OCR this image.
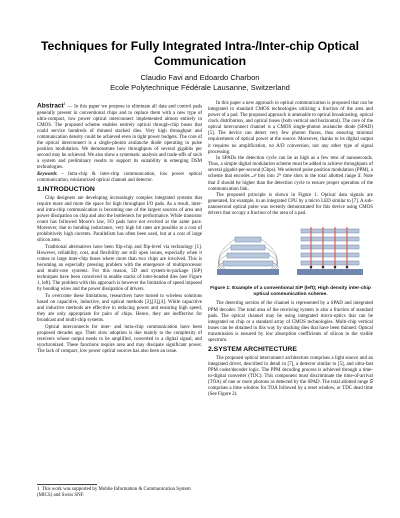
Techniques for Fully Integrated Intra-/Inter-chip Optical Communication
Claudio Favi and Edoardo Charbon
Ecole Polytechnique Fédérale Lausanne, Switzerland

Abstract$^1$ — In this paper we propose to eliminate all data and control pads generally present in conventional chips and to replace them with a new type of ultra-compact, low power optical interconnect implemented almost entirely in CMOS. The proposed scheme enables entirely optical through-chip buses that could service hundreds of thinned stacked dies. Very high throughput and communication density could be achieved even in tight power budgets. The core of the optical interconnect is a single-photon avalanche diode operating in pulse position modulation. We demonstrate how throughputs of several gigabits per second may be achieved. We also show a systematic analysis and trade-offs of such a system and preliminary results to support its suitability in emerging DSM technologies.

Keywords – Intra-chip & inter-chip communication, low power optical communication, miniaturized optical channel and detector.

1.INTRODUCTION

Chip designers are developing increasingly complex integrated systems that require more and more die space for high throughput I/O pads. As a result, inter- and intra-chip communication is becoming one of the largest sources of area and power dissipation on chip and also the bottleneck for performance. While transistor count has followed Moore's law, I/O pads have not evolved at the same pace. Moreover, due to bonding inductance, very high bit rates are possible at a cost of prohibitively high currents. Parallelism has often been used, but at a cost of large silicon area.

Traditional alternatives have been flip-chip and flip-level via technology [1]. However, reliability, cost, and flexibility are still open issues, especially when it comes to large inter-chip buses where more than two chips are involved. This is becoming an especially pressing problem with the emergence of multiprocessor and multi-core systems. For this reason, 3D and system-in-package (SiP) techniques have been conceived to enable stacks of inter-bonded dies (see Figure 1, left). The problem with this approach is however the limitation of speed imposed by bonding wires and the power dissipation of drivers.

To overcome these limitations, researchers have turned to wireless solutions based on capacitive, inductive, and optical methods [2],[3],[4]. While capacitive and inductive methods are effective in reducing power and ensuring high speed, they are only appropriate for pairs of chips. Hence, they are ineffective for broadcast and multi-chip systems.

Optical interconnects for inter- and intra-chip communication have been proposed decades ago. Their slow adoption is due mainly to the complexity of receivers whose output needs to be amplified, converted to a digital signal, and synchronized. These functions require area and may dissipate significant power. The lack of compact, low power optical sources has also been an issue.

1  This work was supported by Mobile Information & Communication System (MICS) and Swiss SNF.

In this paper a new approach to optical communication is proposed that can be integrated in standard CMOS technologies utilizing a fraction of the area and power of a pad. The proposed approach is amenable to optical broadcasting, optical clock distribution, and optical buses (both vertical and horizontal). The core of the optical interconnect channel is a CMOS single-photon avalanche diode (SPAD) [5]. The device can detect very few photon fluxes, thus ensuring minimal requirements of optical power at the source. Moreover, thanks to its digital output it requires no amplification, no A/D conversion, nor any other type of signal processing.

In SPADs the detection cycle can be as high as a few tens of nanoseconds. Thus, a simple digital modulation scheme must be added to achieve throughputs of several gigabit-per-second (Gbps). We selected pulse position modulation (PPM), a scheme that encodes 𝒩 bits into 2ᴺ time slots in the total allotted range 𝑆. Note that 𝑆 should be higher than the detection cycle to ensure proper operation of the communication link.

The proposed principle is shown in Figure 1. Optical data signals are generated, for example, in an integrated CPU by a micro LED similar to [7]. A sub-nanosecond optical pulse was recently demonstrated for this device using CMOS drivers that occupy a fraction of the area of a pad.

Figure 1: Example of a conventional SiP (left); High density inter-chip optical communication scheme.

The detecting section of the channel is represented by a SPAD and integrated PPM decoder. The total area of the receiving system is also a fraction of standard pads. The optical channel may be using integrated micro-optics that can be integrated on chip or a standard array of CMOS technologies. Multi-chip vertical buses can be obtained in this way by stacking dies that have been thinned. Optical transmission is ensured by low absorption coefficients of silicon in the visible spectrum.

2.SYSTEM ARCHITECTURE

The proposed optical interconnect architecture comprises a light source and an integrated driver, described in detail in [7], a detector similar to [5], and ultra-fast PPM coder/decoder logic. The PPM decoding process is achieved through a time-to-digital converter (TDC). This component must discriminate the time-of-arrival (TOA) of one or more photons as detected by the SPAD. The total allotted range 𝑆 comprises a time window for TOA followed by a reset window, or TDC dead time (See Figure 2).
